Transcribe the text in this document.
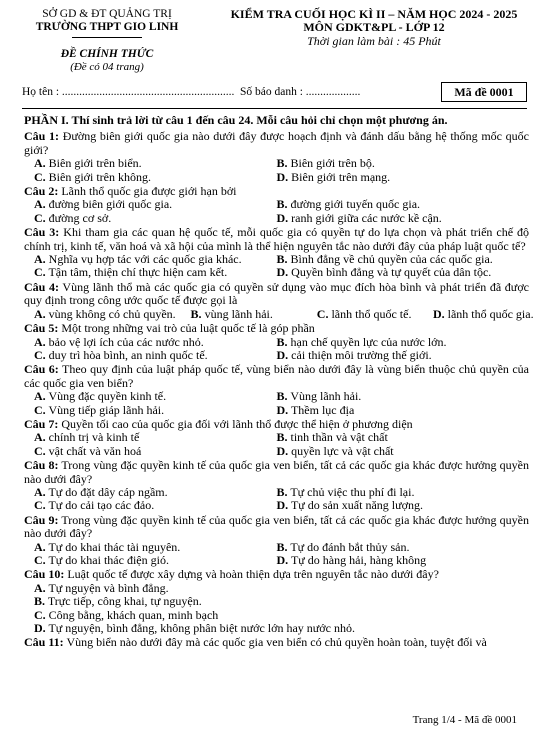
SỞ GD & ĐT QUẢNG TRỊ
TRƯỜNG THPT GIO LINH
ĐỀ CHÍNH THỨC
(Đề có 04 trang)
KIỂM TRA CUỐI HỌC KÌ II – NĂM HỌC 2024 - 2025
MÔN GDKT&PL - LỚP 12
Thời gian làm bài : 45 Phút
Họ tên : ............................................................ Số báo danh : ...................	Mã đề 0001
PHẦN I. Thí sinh trả lời từ câu 1 đến câu 24. Mỗi câu hỏi chỉ chọn một phương án.
Câu 1: Đường biên giới quốc gia nào dưới đây được hoạch định và đánh dấu bằng hệ thống mốc quốc giới?
A. Biên giới trên biển.	B. Biên giới trên bộ.
C. Biên giới trên không.	D. Biên giới trên mạng.
Câu 2: Lãnh thổ quốc gia được giới hạn bởi
A. đường biên giới quốc gia.	B. đường giới tuyến quốc gia.
C. đường cơ sở.	D. ranh giới giữa các nước kề cận.
Câu 3: Khi tham gia các quan hệ quốc tế, mỗi quốc gia có quyền tự do lựa chọn và phát triển chế độ chính trị, kinh tế, văn hoá và xã hội của mình là thể hiện nguyên tắc nào dưới đây của pháp luật quốc tế?
A. Nghĩa vụ hợp tác với các quốc gia khác.	B. Bình đẳng về chủ quyền của các quốc gia.
C. Tận tâm, thiện chí thực hiện cam kết.	D. Quyền bình đẳng và tự quyết của dân tộc.
Câu 4: Vùng lãnh thổ mà các quốc gia có quyền sử dụng vào mục đích hòa bình và phát triển đã được quy định trong công ước quốc tế được gọi là
A. vùng không có chủ quyền.	B. vùng lãnh hải.	C. lãnh thổ quốc tế.	D. lãnh thổ quốc gia.
Câu 5: Một trong những vai trò của luật quốc tế là góp phần
A. bảo vệ lợi ích của các nước nhỏ.	B. hạn chế quyền lực của nước lớn.
C. duy trì hòa bình, an ninh quốc tế.	D. cải thiện môi trường thế giới.
Câu 6: Theo quy định của luật pháp quốc tế, vùng biển nào dưới đây là vùng biển thuộc chủ quyền của các quốc gia ven biển?
A. Vùng đặc quyền kinh tế.	B. Vùng lãnh hải.
C. Vùng tiếp giáp lãnh hải.	D. Thềm lục địa
Câu 7: Quyền tối cao của quốc gia đối với lãnh thổ được thể hiện ở phương diện
A. chính trị và kinh tế	B. tinh thần và vật chất
C. vật chất và văn hoá	D. quyền lực và vật chất
Câu 8: Trong vùng đặc quyền kinh tế của quốc gia ven biển, tất cả các quốc gia khác được hưởng quyền nào dưới đây?
A. Tự do đặt dây cáp ngầm.	B. Tự chủ việc thu phí đi lại.
C. Tự do cải tạo các đảo.	D. Tự do sản xuất năng lượng.
Câu 9: Trong vùng đặc quyền kinh tế của quốc gia ven biển, tất cả các quốc gia khác được hưởng quyền nào dưới đây?
A. Tự do khai thác tài nguyên.	B. Tự do đánh bắt thủy sản.
C. Tự do khai thác điện gió.	D. Tự do hàng hải, hàng không
Câu 10: Luật quốc tế được xây dựng và hoàn thiện dựa trên nguyên tắc nào dưới đây?
A. Tự nguyện và bình đẳng.
B. Trực tiếp, công khai, tự nguyện.
C. Công bằng, khách quan, minh bạch
D. Tự nguyện, bình đẳng, không phân biệt nước lớn hay nước nhỏ.
Câu 11: Vùng biển nào dưới đây mà các quốc gia ven biển có chủ quyền hoàn toàn, tuyệt đối và
Trang 1/4 - Mã đề 0001
